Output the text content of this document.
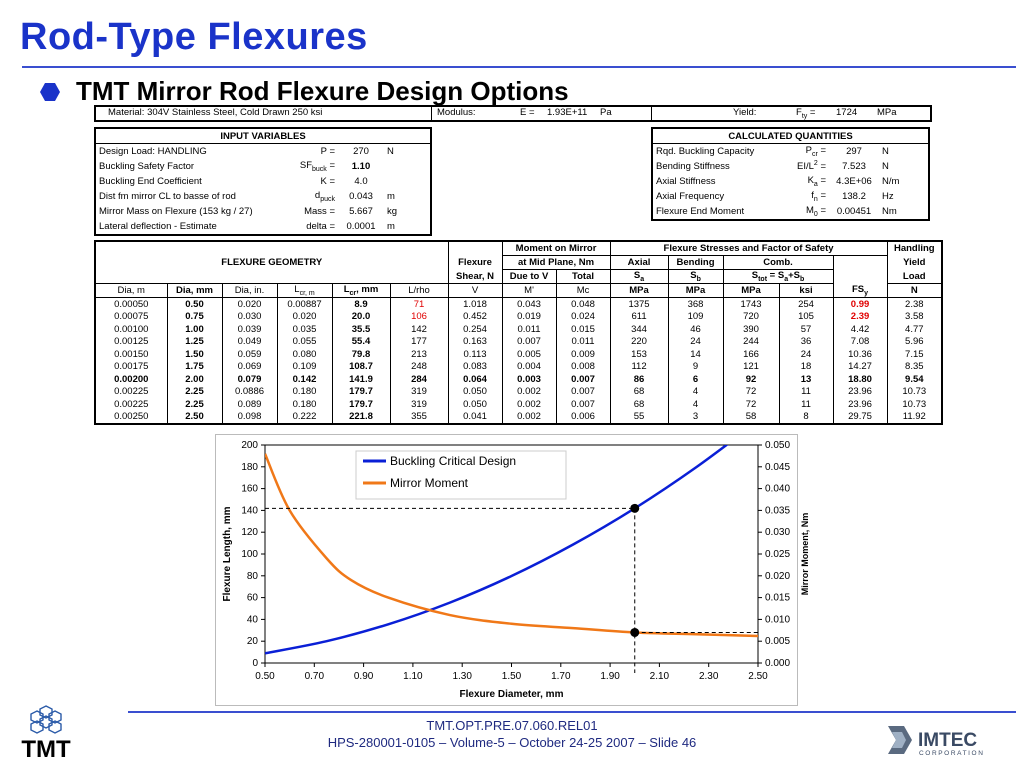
Rod-Type Flexures
TMT Mirror Rod Flexure Design Options
Material: 304V Stainless Steel, Cold Drawn 250 ksi	Modulus:	E = 1.93E+11 Pa	Yield:	$F_{ty} = 1724$ MPa
INPUT VARIABLES			
Design Load: HANDLING	P =	270	N
Buckling Safety Factor	$SF_{buck}$ =	1.10	
Buckling End Coefficient	K =	4.0	
Dist fm mirror CL to basse of rod	$d_{puck}$	0.043	m
Mirror Mass on Flexure (153 kg / 27)	Mass =	5.667	kg
Lateral deflection - Estimate	delta =	0.0001	m
CALCULATED QUANTITIES			
Rqd. Buckling Capacity	$P_{cr}$ =	297	N
Bending Stiffness	$EI/L^2$ =	7.523	N
Axial Stiffness	$K_a$ =	4.3E+06	N/m
Axial Frequency	$f_n$ =	138.2	Hz
Flexure End Moment	$M_0$ =	0.00451	Nm
FLEXURE GEOMETRY							Moment on Mirror		Flexure Stresses and Factor of Safety					Handling
						Flexure	at Mid Plane, Nm		Axial	Bending	Comb.			Yield
						Shear, N	Due to V	Total	$S_a$	$S_b$	$S_{tot} = S_a+S_b$			Load
Dia, m	Dia, mm	Dia, in.	$L_{cr, m}$	$L_{cr}$, mm	L/rho	V	M'	Mc	MPa	MPa	MPa	ksi	$FS_y$	N
0.00050	0.50	0.020	0.00887	8.9	71	1.018	0.043	0.048	1375	368	1743	254	0.99	2.38
0.00075	0.75	0.030	0.020	20.0	106	0.452	0.019	0.024	611	109	720	105	2.39	3.58
0.00100	1.00	0.039	0.035	35.5	142	0.254	0.011	0.015	344	46	390	57	4.42	4.77
0.00125	1.25	0.049	0.055	55.4	177	0.163	0.007	0.011	220	24	244	36	7.08	5.96
0.00150	1.50	0.059	0.080	79.8	213	0.113	0.005	0.009	153	14	166	24	10.36	7.15
0.00175	1.75	0.069	0.109	108.7	248	0.083	0.004	0.008	112	9	121	18	14.27	8.35
0.00200	2.00	0.079	0.142	141.9	284	0.064	0.003	0.007	86	6	92	13	18.80	9.54
0.00225	2.25	0.0886	0.180	179.7	319	0.050	0.002	0.007	68	4	72	11	23.96	10.73
0.00225	2.25	0.089	0.180	179.7	319	0.050	0.002	0.007	68	4	72	11	23.96	10.73
0.00250	2.50	0.098	0.222	221.8	355	0.041	0.002	0.006	55	3	58	8	29.75	11.92
0
20
40
60
80
100
120
140
160
180
200
0.000
0.005
0.010
0.015
0.020
0.025
0.030
0.035
0.040
0.045
0.050
0.50	0.70	0.90	1.10	1.30	1.50	1.70	1.90	2.10	2.30	2.50
Flexure Diameter, mm
Flexure Length, mm	Mirror Moment, Nm
Buckling Critical Design
Mirror Moment
TMT.OPT.PRE.07.060.REL01
HPS-280001-0105 – Volume-5 – October 24-25 2007 – Slide 46
TMT	IMTEC
CORPORATION
